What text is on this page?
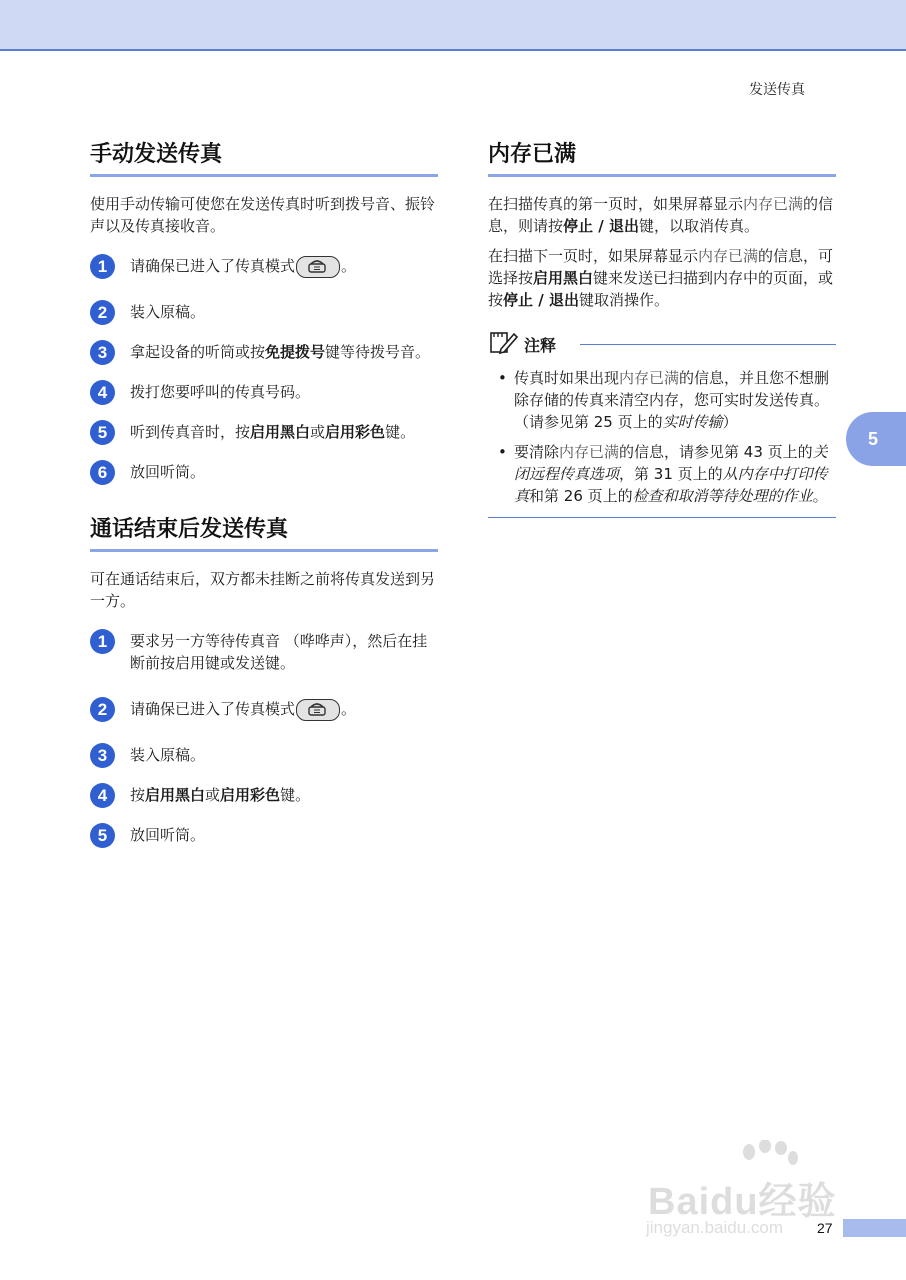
发送传真
手动发送传真

使用手动传输可使您在发送传真时听到拨号音、振铃声以及传真接收音。

1	请确保已进入了传真模式	。
2	装入原稿。
3	拿起设备的听筒或按免提拨号键等待拨号音。
4	拨打您要呼叫的传真号码。
5	听到传真音时，按启用黑白或启用彩色键。
6	放回听筒。
通话结束后发送传真

可在通话结束后，双方都未挂断之前将传真发送到另一方。

1	要求另一方等待传真音 （哗哗声），然后在挂断前按启用键或发送键。
2	请确保已进入了传真模式	。
3	装入原稿。
4	按启用黑白或启用彩色键。
5	放回听筒。
内存已满

在扫描传真的第一页时，如果屏幕显示内存已满的信息，则请按停止 / 退出键，以取消传真。

在扫描下一页时，如果屏幕显示内存已满的信息，可选择按启用黑白键来发送已扫描到内存中的页面，或按停止 / 退出键取消操作。

注释
• 传真时如果出现内存已满的信息，并且您不想删除存储的传真来清空内存，您可实时发送传真。（请参见第 25 页上的实时传输）
• 要清除内存已满的信息，请参见第 43 页上的关闭远程传真选项，第 31 页上的从内存中打印传真和第 26 页上的检查和取消等待处理的作业。
5
Baidu经验
jingyan.baidu.com 27
